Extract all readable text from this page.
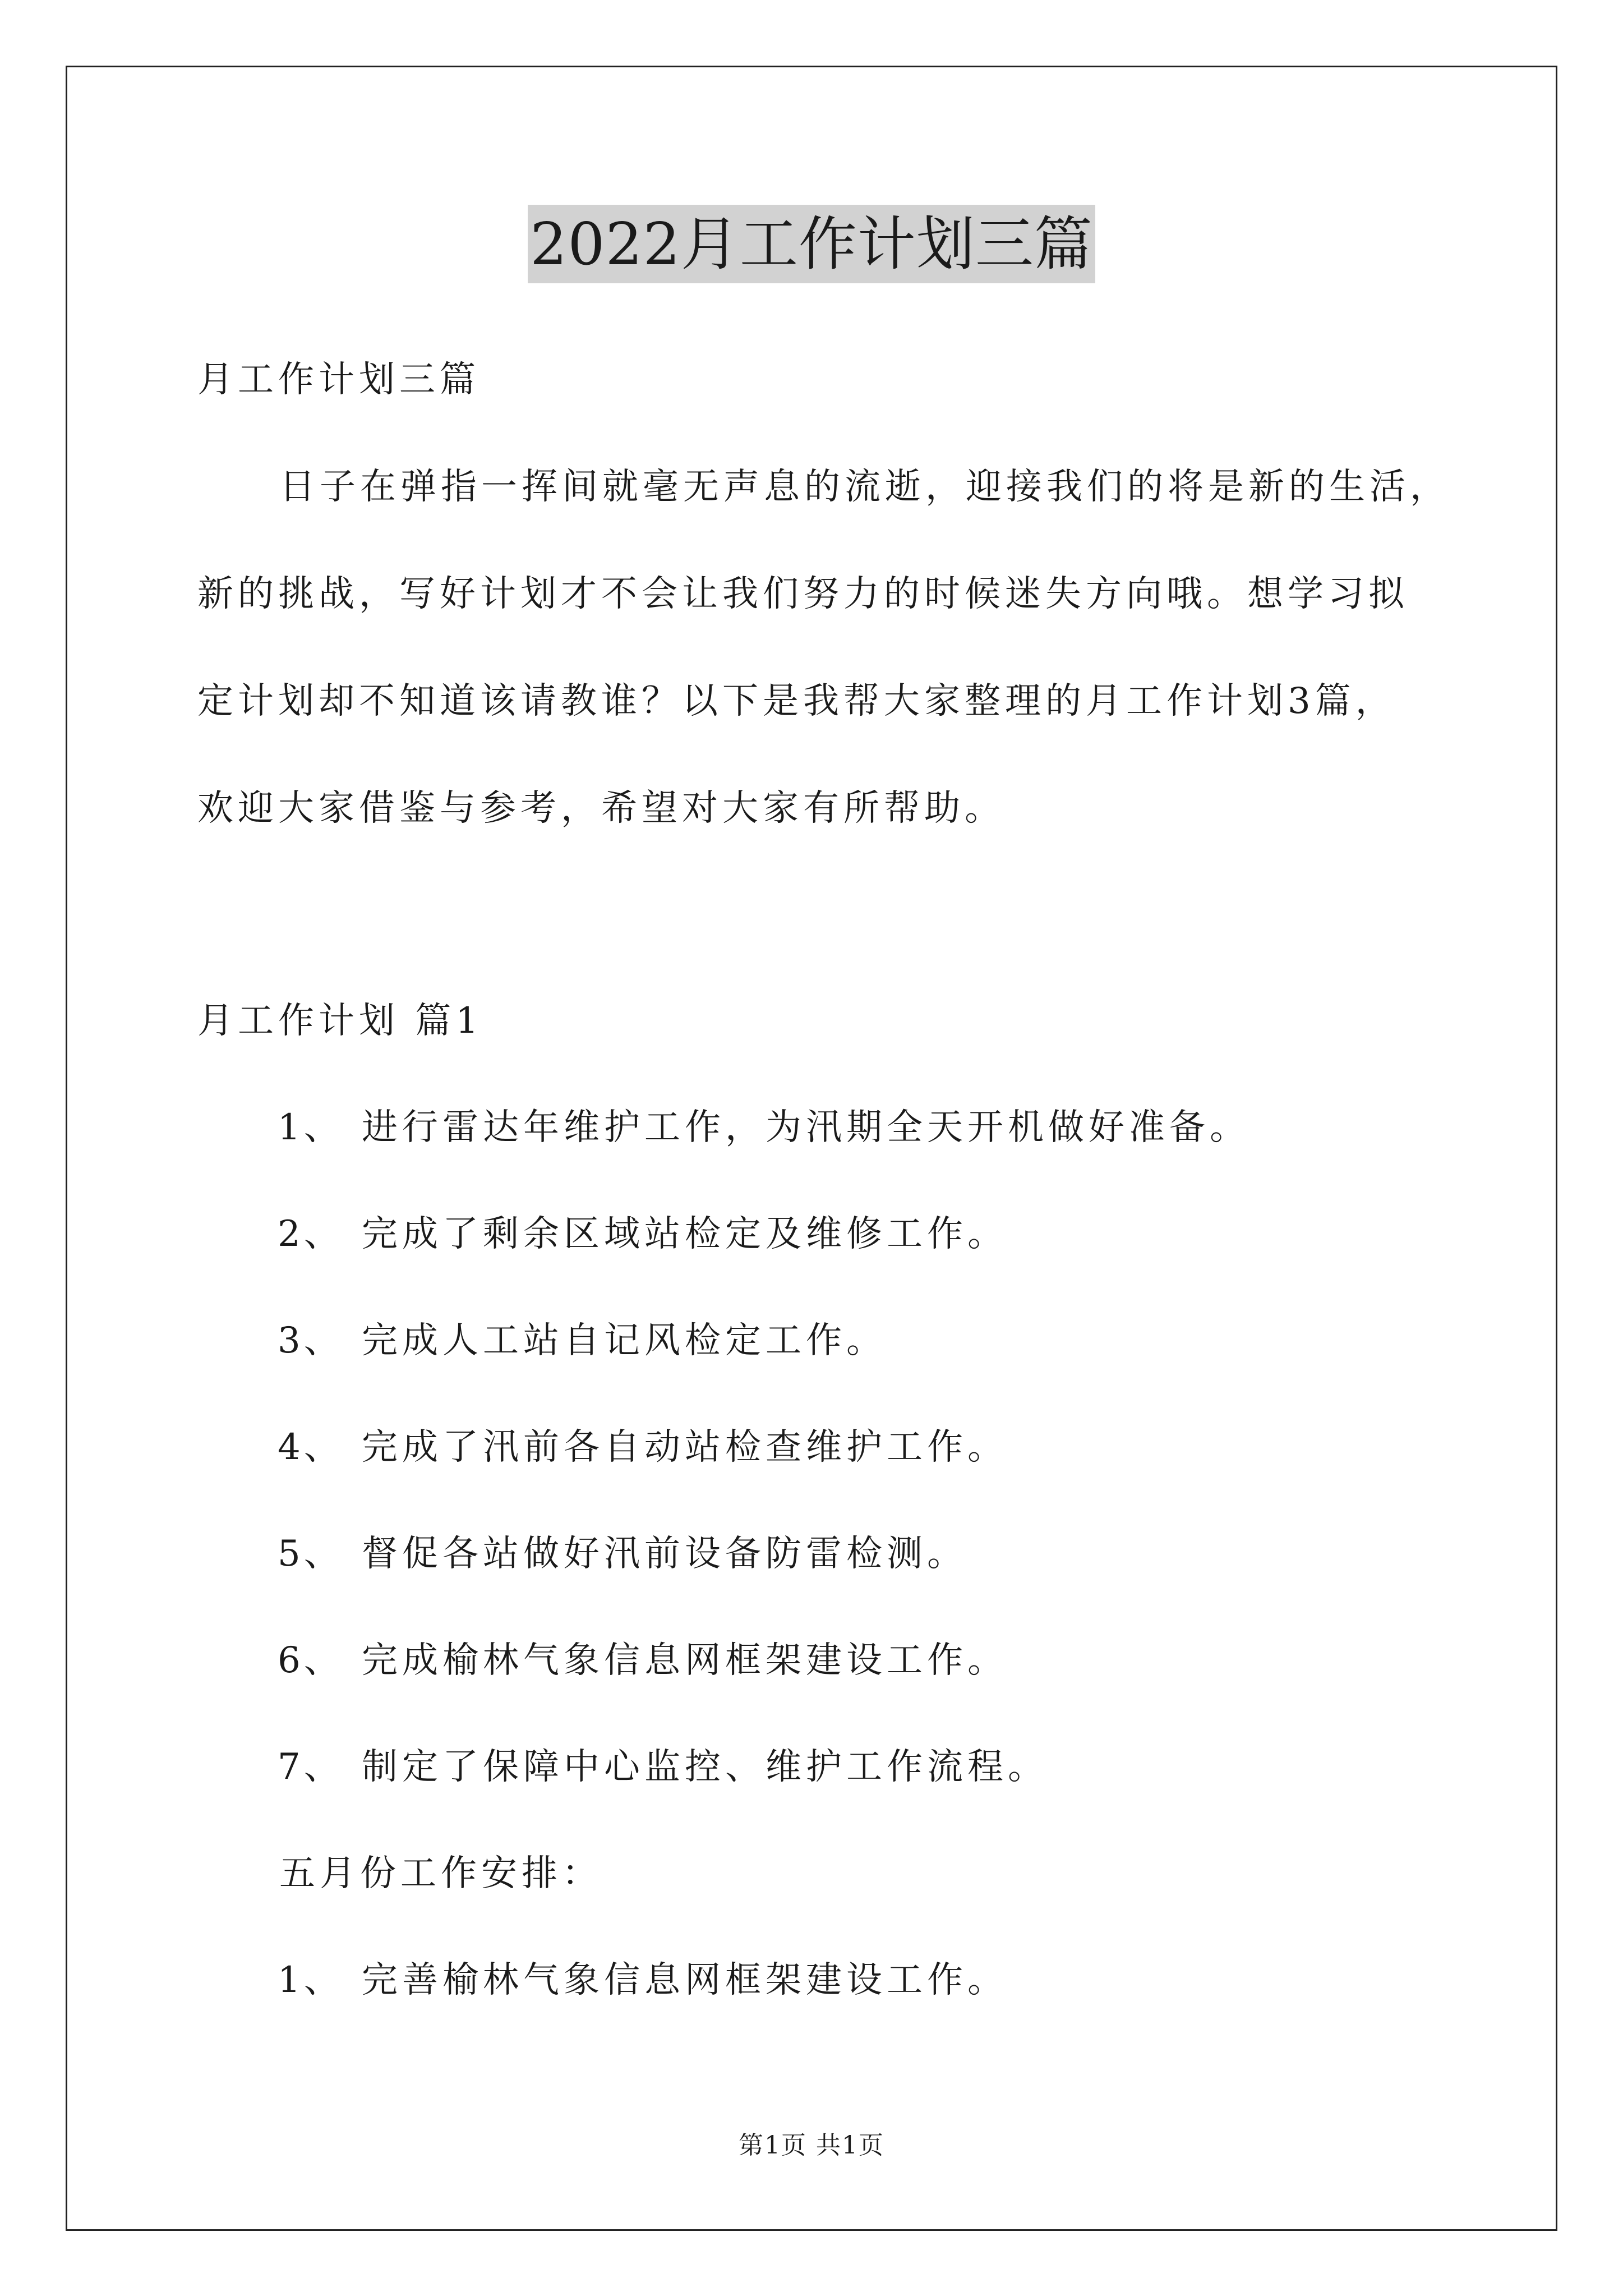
2022月工作计划三篇
月工作计划三篇
日子在弹指一挥间就毫无声息的流逝，迎接我们的将是新的生活，
新的挑战，写好计划才不会让我们努力的时候迷失方向哦。想学习拟
定计划却不知道该请教谁？以下是我帮大家整理的月工作计划3篇，
欢迎大家借鉴与参考，希望对大家有所帮助。
月工作计划 篇1
1、 进行雷达年维护工作，为汛期全天开机做好准备。
2、 完成了剩余区域站检定及维修工作。
3、 完成人工站自记风检定工作。
4、 完成了汛前各自动站检查维护工作。
5、 督促各站做好汛前设备防雷检测。
6、 完成榆林气象信息网框架建设工作。
7、 制定了保障中心监控、维护工作流程。
五月份工作安排：
1、 完善榆林气象信息网框架建设工作。
第1页 共1页
